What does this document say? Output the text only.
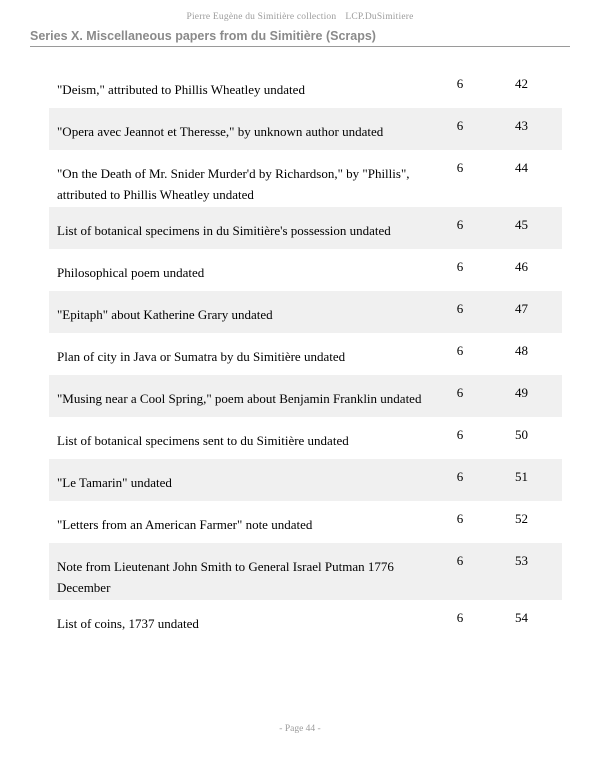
Pierre Eugène du Simitière collection LCP.DuSimitiere
Series X. Miscellaneous papers from du Simitière (Scraps)
"Deism," attributed to Phillis Wheatley undated	6	42
"Opera avec Jeannot et Theresse," by unknown author undated	6	43
"On the Death of Mr. Snider Murder'd by Richardson," by "Phillis", attributed to Phillis Wheatley undated	6	44
List of botanical specimens in du Simitière's possession undated	6	45
Philosophical poem undated	6	46
"Epitaph" about Katherine Grary undated	6	47
Plan of city in Java or Sumatra by du Simitière undated	6	48
"Musing near a Cool Spring," poem about Benjamin Franklin undated	6	49
List of botanical specimens sent to du Simitière undated	6	50
"Le Tamarin" undated	6	51
"Letters from an American Farmer" note undated	6	52
Note from Lieutenant John Smith to General Israel Putman 1776 December	6	53
List of coins, 1737 undated	6	54
- Page 44 -
